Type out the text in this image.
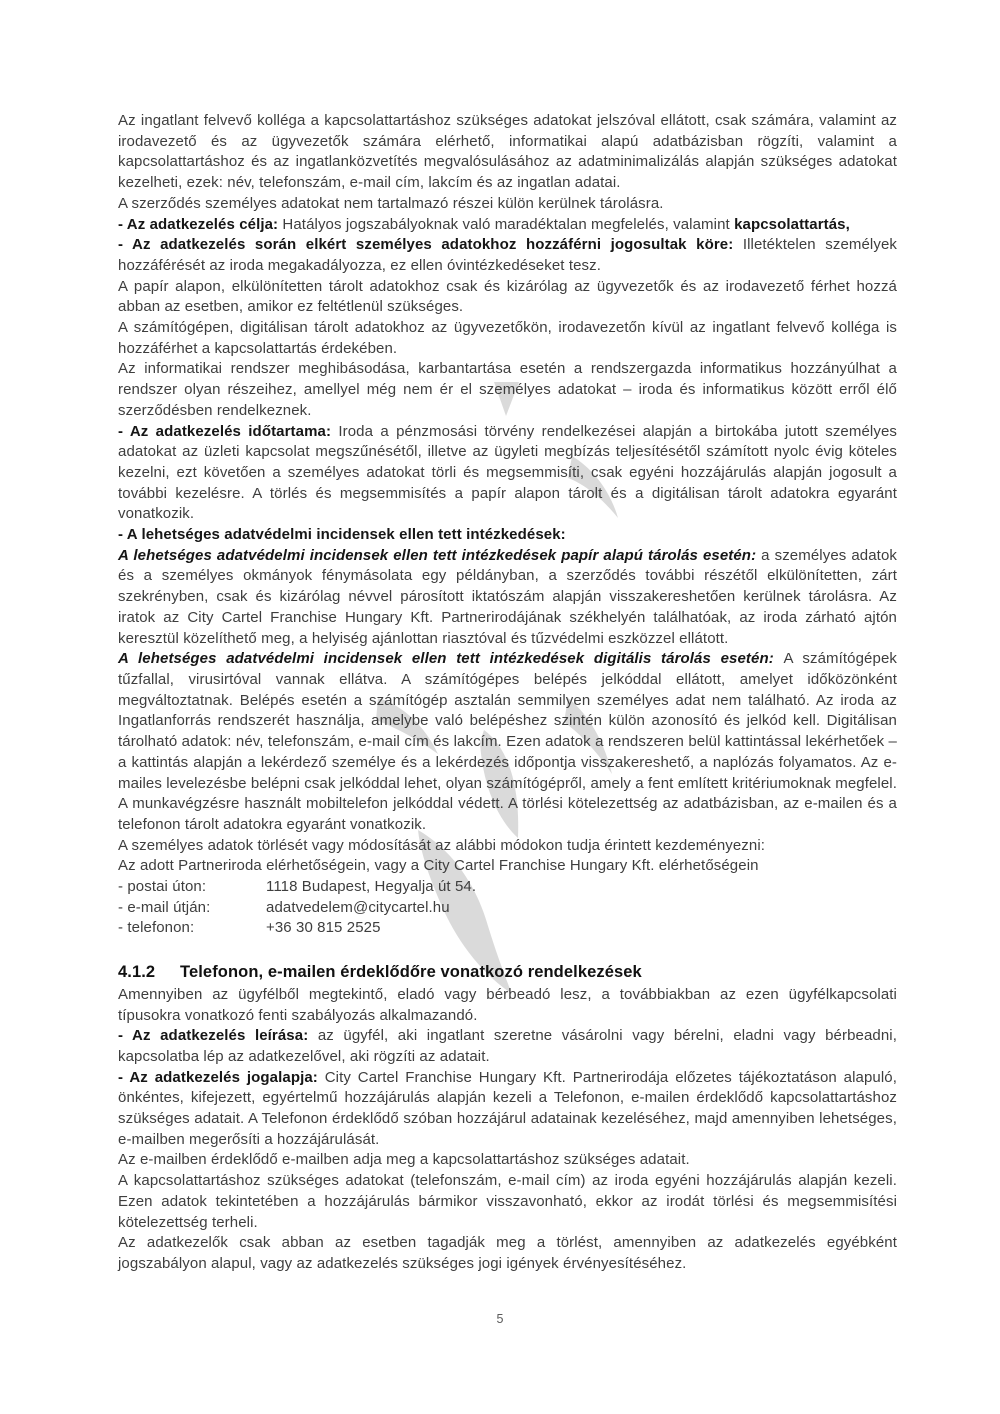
Az ingatlant felvevő kolléga a kapcsolattartáshoz szükséges adatokat jelszóval ellátott, csak számára, valamint az irodavezető és az ügyvezetők számára elérhető, informatikai alapú adatbázisban rögzíti, valamint a kapcsolattartáshoz és az ingatlanközvetítés megvalósulásához az adatminimalizálás alapján szükséges adatokat kezelheti, ezek: név, telefonszám, e-mail cím, lakcím és az ingatlan adatai.

A szerződés személyes adatokat nem tartalmazó részei külön kerülnek tárolásra.

- Az adatkezelés célja: Hatályos jogszabályoknak való maradéktalan megfelelés, valamint kapcsolattartás,

- Az adatkezelés során elkért személyes adatokhoz hozzáférni jogosultak köre: Illetéktelen személyek hozzáférését az iroda megakadályozza, ez ellen óvintézkedéseket tesz.

A papír alapon, elkülönítetten tárolt adatokhoz csak és kizárólag az ügyvezetők és az irodavezető férhet hozzá abban az esetben, amikor ez feltétlenül szükséges.

A számítógépen, digitálisan tárolt adatokhoz az ügyvezetőkön, irodavezetőn kívül az ingatlant felvevő kolléga is hozzáférhet a kapcsolattartás érdekében.

Az informatikai rendszer meghibásodása, karbantartása esetén a rendszergazda informatikus hozzányúlhat a rendszer olyan részeihez, amellyel még nem ér el személyes adatokat – iroda és informatikus között erről élő szerződésben rendelkeznek.

- Az adatkezelés időtartama: Iroda a pénzmosási törvény rendelkezései alapján a birtokába jutott személyes adatokat az üzleti kapcsolat megszűnésétől, illetve az ügyleti megbízás teljesítésétől számított nyolc évig köteles kezelni, ezt követően a személyes adatokat törli és megsemmisíti, csak egyéni hozzájárulás alapján jogosult a további kezelésre. A törlés és megsemmisítés a papír alapon tárolt és a digitálisan tárolt adatokra egyaránt vonatkozik.

- A lehetséges adatvédelmi incidensek ellen tett intézkedések:

A lehetséges adatvédelmi incidensek ellen tett intézkedések papír alapú tárolás esetén: a személyes adatok és a személyes okmányok fénymásolata egy példányban, a szerződés további részétől elkülönítetten, zárt szekrényben, csak és kizárólag névvel párosított iktatószám alapján visszakereshetően kerülnek tárolásra. Az iratok az City Cartel Franchise Hungary Kft. Partnerirodájának székhelyén találhatóak, az iroda zárható ajtón keresztül közelíthető meg, a helyiség ajánlottan riasztóval és tűzvédelmi eszközzel ellátott.

A lehetséges adatvédelmi incidensek ellen tett intézkedések digitális tárolás esetén: A számítógépek tűzfallal, virusirtóval vannak ellátva. A számítógépes belépés jelkóddal ellátott, amelyet időközönként megváltoztatnak. Belépés esetén a számítógép asztalán semmilyen személyes adat nem található. Az iroda az Ingatlanforrás rendszerét használja, amelybe való belépéshez szintén külön azonosító és jelkód kell. Digitálisan tárolható adatok: név, telefonszám, e-mail cím és lakcím. Ezen adatok a rendszeren belül kattintással lekérhetőek – a kattintás alapján a lekérdező személye és a lekérdezés időpontja visszakereshető, a naplózás folyamatos. Az e-mailes levelezésbe belépni csak jelkóddal lehet, olyan számítógépről, amely a fent említett kritériumoknak megfelel. A munkavégzésre használt mobiltelefon jelkóddal védett. A törlési kötelezettség az adatbázisban, az e-mailen és a telefonon tárolt adatokra egyaránt vonatkozik.

A személyes adatok törlését vagy módosítását az alábbi módokon tudja érintett kezdeményezni:

Az adott Partneriroda elérhetőségein, vagy a City Cartel Franchise Hungary Kft. elérhetőségein

- postai úton:	1118 Budapest, Hegyalja út 54.
- e-mail útján:	adatvedelem@citycartel.hu
- telefonon:	+36 30 815 2525
4.1.2 Telefonon, e-mailen érdeklődőre vonatkozó rendelkezések

Amennyiben az ügyfélből megtekintő, eladó vagy bérbeadó lesz, a továbbiakban az ezen ügyfélkapcsolati típusokra vonatkozó fenti szabályozás alkalmazandó.

- Az adatkezelés leírása: az ügyfél, aki ingatlant szeretne vásárolni vagy bérelni, eladni vagy bérbeadni, kapcsolatba lép az adatkezelővel, aki rögzíti az adatait.

- Az adatkezelés jogalapja: City Cartel Franchise Hungary Kft. Partnerirodája előzetes tájékoztatáson alapuló, önkéntes, kifejezett, egyértelmű hozzájárulás alapján kezeli a Telefonon, e-mailen érdeklődő kapcsolattartáshoz szükséges adatait. A Telefonon érdeklődő szóban hozzájárul adatainak kezeléséhez, majd amennyiben lehetséges, e-mailben megerősíti a hozzájárulását.

Az e-mailben érdeklődő e-mailben adja meg a kapcsolattartáshoz szükséges adatait.

A kapcsolattartáshoz szükséges adatokat (telefonszám, e-mail cím) az iroda egyéni hozzájárulás alapján kezeli. Ezen adatok tekintetében a hozzájárulás bármikor visszavonható, ekkor az irodát törlési és megsemmisítési kötelezettség terheli.

Az adatkezelők csak abban az esetben tagadják meg a törlést, amennyiben az adatkezelés egyébként jogszabályon alapul, vagy az adatkezelés szükséges jogi igények érvényesítéséhez.

5
